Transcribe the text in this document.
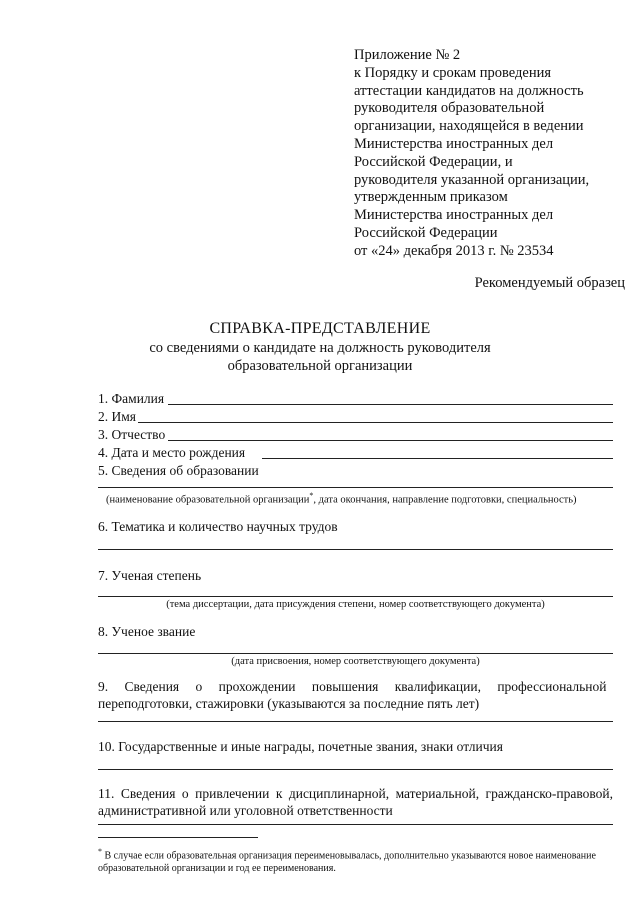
Приложение № 2
к Порядку и срокам проведения
аттестации кандидатов на должность
руководителя образовательной
организации, находящейся в ведении
Министерства иностранных дел
Российской Федерации, и
руководителя указанной организации,
утвержденным приказом
Министерства иностранных дел
Российской Федерации
от «24» декабря 2013 г. № 23534
Рекомендуемый образец
СПРАВКА-ПРЕДСТАВЛЕНИЕ
со сведениями о кандидате на должность руководителя
образовательной организации
1. Фамилия
2. Имя
3. Отчество
4. Дата и место рождения
5. Сведения об образовании
(наименование образовательной организации*, дата окончания, направление подготовки, специальность)
6. Тематика и количество научных трудов
7. Ученая степень
(тема диссертации, дата присуждения степени, номер соответствующего документа)
8. Ученое звание
(дата присвоения, номер соответствующего документа)
9. Сведения о прохождении повышения квалификации, профессиональной
переподготовки, стажировки (указываются за последние пять лет)
10. Государственные и иные награды, почетные звания, знаки отличия
11. Сведения о привлечении к дисциплинарной, материальной, гражданско-правовой, административной или уголовной ответственности
* В случае если образовательная организация переименовывалась, дополнительно указываются новое наименование образовательной организации и год ее переименования.
